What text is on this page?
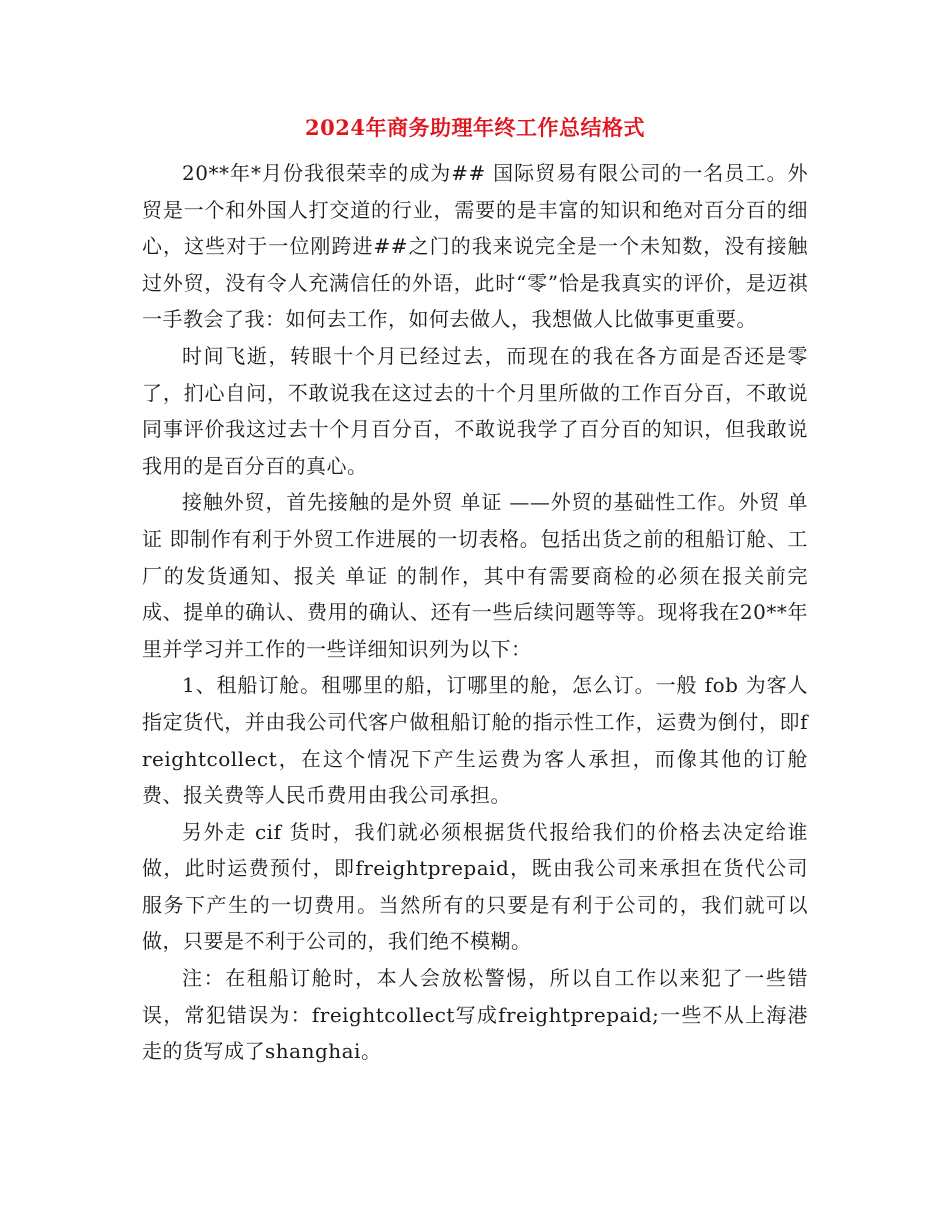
2024年商务助理年终工作总结格式

20**年*月份我很荣幸的成为## 国际贸易有限公司的一名员工。外贸是一个和外国人打交道的行业，需要的是丰富的知识和绝对百分百的细心，这些对于一位刚跨进##之门的我来说完全是一个未知数，没有接触过外贸，没有令人充满信任的外语，此时“零”恰是我真实的评价，是迈祺一手教会了我：如何去工作，如何去做人，我想做人比做事更重要。

时间飞逝，转眼十个月已经过去，而现在的我在各方面是否还是零了，扪心自问，不敢说我在这过去的十个月里所做的工作百分百，不敢说同事评价我这过去十个月百分百，不敢说我学了百分百的知识，但我敢说我用的是百分百的真心。

接触外贸，首先接触的是外贸 单证 ——外贸的基础性工作。外贸 单证 即制作有利于外贸工作进展的一切表格。包括出货之前的租船订舱、工厂的发货通知、报关 单证 的制作，其中有需要商检的必须在报关前完成、提单的确认、费用的确认、还有一些后续问题等等。现将我在20**年里并学习并工作的一些详细知识列为以下：

1、租船订舱。租哪里的船，订哪里的舱，怎么订。一般 fob 为客人指定货代，并由我公司代客户做租船订舱的指示性工作，运费为倒付，即freightcollect，在这个情况下产生运费为客人承担，而像其他的订舱费、报关费等人民币费用由我公司承担。

另外走 cif 货时，我们就必须根据货代报给我们的价格去决定给谁做，此时运费预付，即freightprepaid，既由我公司来承担在货代公司服务下产生的一切费用。当然所有的只要是有利于公司的，我们就可以做，只要是不利于公司的，我们绝不模糊。

注：在租船订舱时，本人会放松警惕，所以自工作以来犯了一些错误，常犯错误为：freightcollect写成freightprepaid;一些不从上海港走的货写成了shanghai。
